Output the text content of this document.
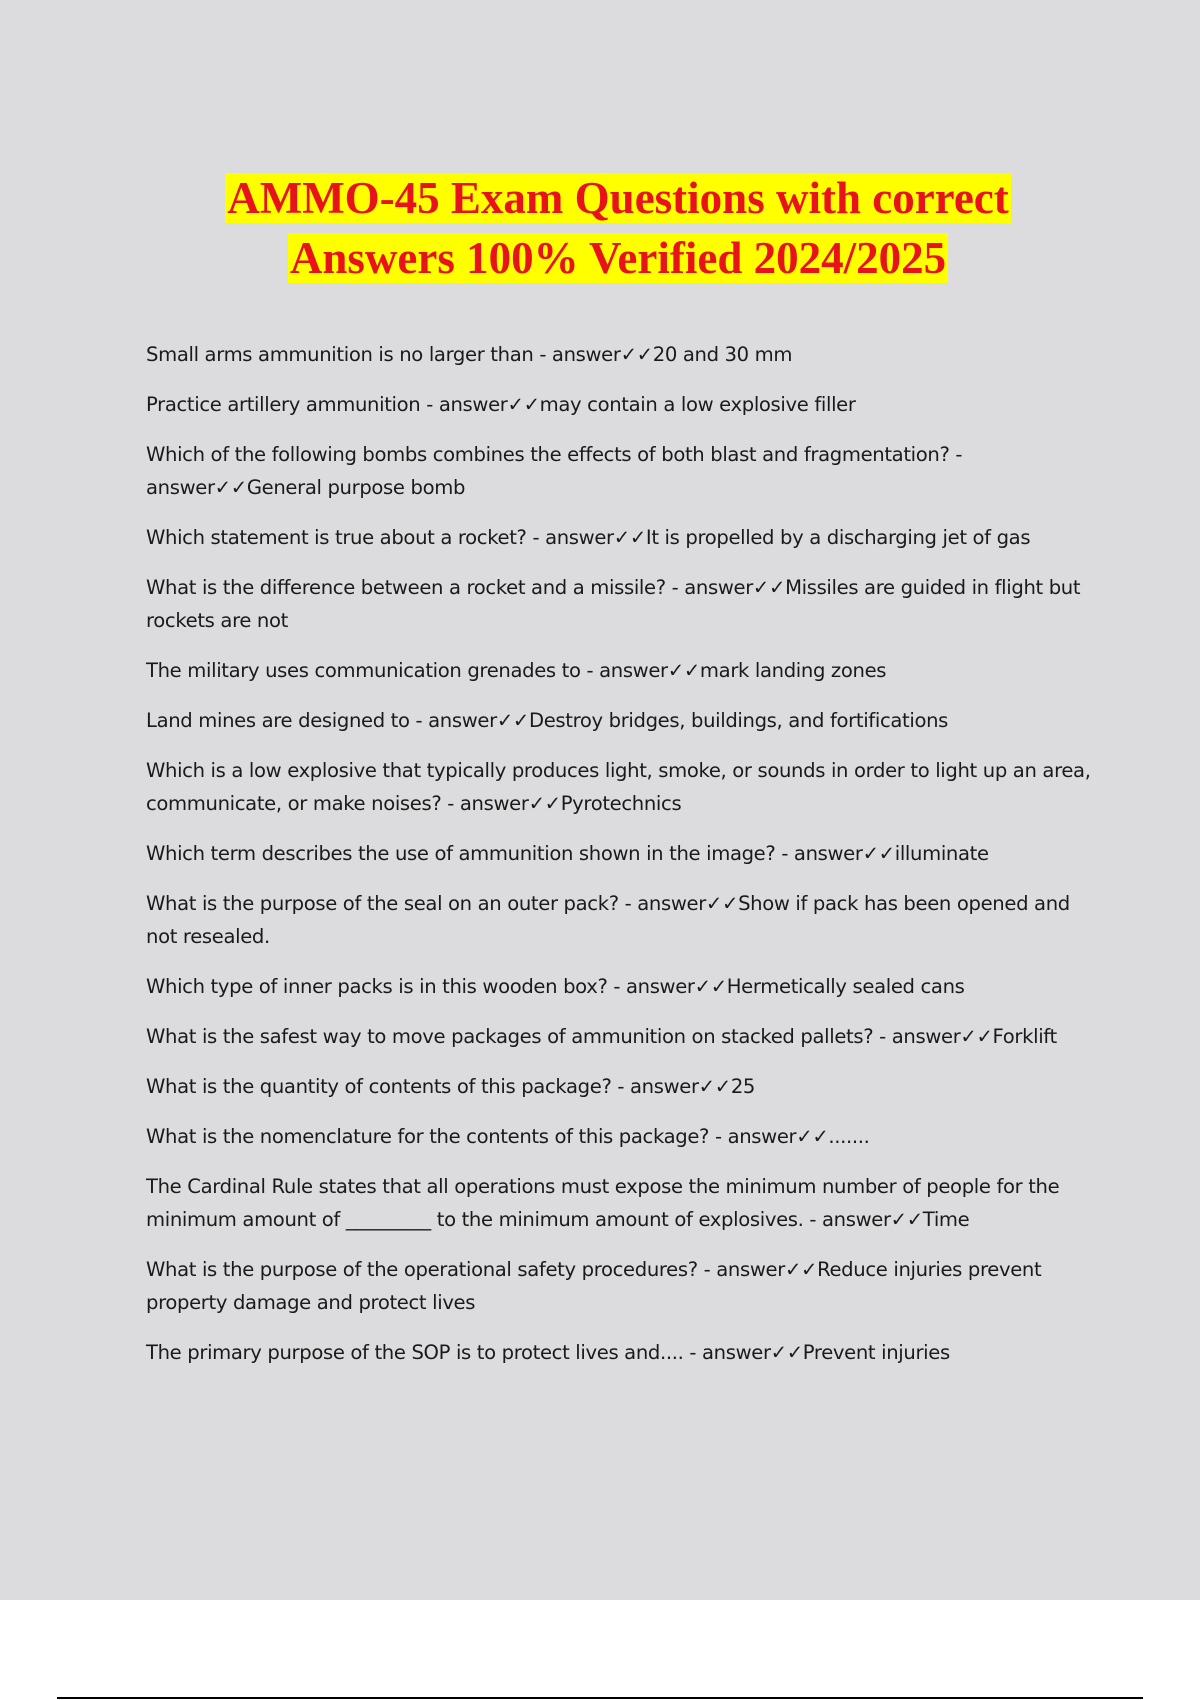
AMMO-45 Exam Questions with correct
Answers 100% Verified 2024/2025

Small arms ammunition is no larger than - answer✓✓20 and 30 mm

Practice artillery ammunition - answer✓✓may contain a low explosive filler

Which of the following bombs combines the effects of both blast and fragmentation? - answer✓✓General purpose bomb

Which statement is true about a rocket? - answer✓✓It is propelled by a discharging jet of gas

What is the difference between a rocket and a missile? - answer✓✓Missiles are guided in flight but rockets are not

The military uses communication grenades to - answer✓✓mark landing zones

Land mines are designed to - answer✓✓Destroy bridges, buildings, and fortifications

Which is a low explosive that typically produces light, smoke, or sounds in order to light up an area, communicate, or make noises? - answer✓✓Pyrotechnics

Which term describes the use of ammunition shown in the image? - answer✓✓illuminate

What is the purpose of the seal on an outer pack? - answer✓✓Show if pack has been opened and not resealed.

Which type of inner packs is in this wooden box? - answer✓✓Hermetically sealed cans

What is the safest way to move packages of ammunition on stacked pallets? - answer✓✓Forklift

What is the quantity of contents of this package? - answer✓✓25

What is the nomenclature for the contents of this package? - answer✓✓.......

The Cardinal Rule states that all operations must expose the minimum number of people for the minimum amount of _________ to the minimum amount of explosives. - answer✓✓Time

What is the purpose of the operational safety procedures? - answer✓✓Reduce injuries prevent property damage and protect lives

The primary purpose of the SOP is to protect lives and.... - answer✓✓Prevent injuries
